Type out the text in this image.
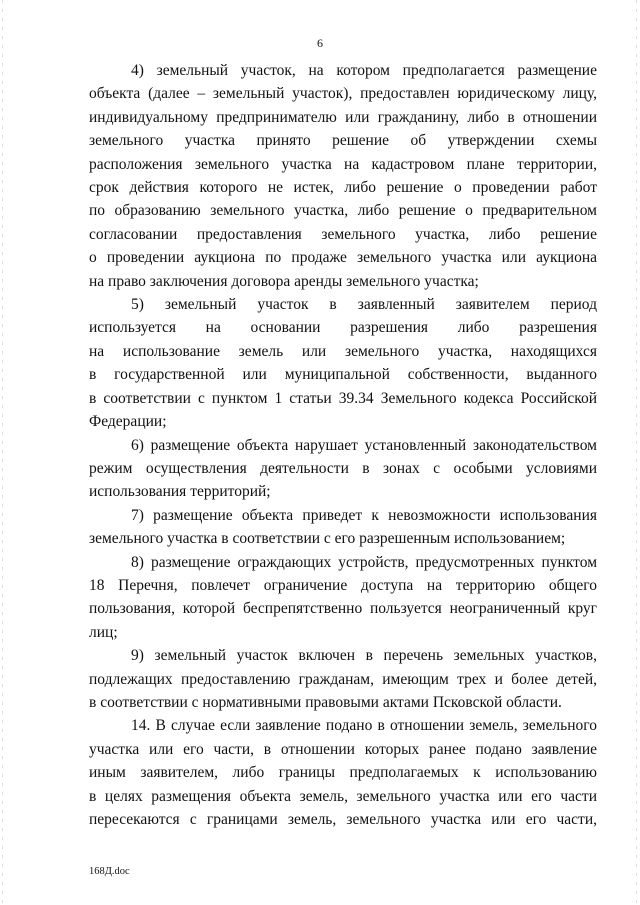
6
4) земельный участок, на котором предполагается размещение
объекта (далее – земельный участок), предоставлен юридическому лицу,
индивидуальному предпринимателю или гражданину, либо в отношении
земельного участка принято решение об утверждении схемы
расположения земельного участка на кадастровом плане территории,
срок действия которого не истек, либо решение о проведении работ
по образованию земельного участка, либо решение о предварительном
согласовании предоставления земельного участка, либо решение
о проведении аукциона по продаже земельного участка или аукциона
на право заключения договора аренды земельного участка;
5) земельный участок в заявленный заявителем период
используется на основании разрешения либо разрешения
на использование земель или земельного участка, находящихся
в государственной или муниципальной собственности, выданного
в соответствии с пунктом 1 статьи 39.34 Земельного кодекса Российской
Федерации;
6) размещение объекта нарушает установленный законодательством
режим осуществления деятельности в зонах с особыми условиями
использования территорий;
7) размещение объекта приведет к невозможности использования
земельного участка в соответствии с его разрешенным использованием;
8) размещение ограждающих устройств, предусмотренных пунктом
18 Перечня, повлечет ограничение доступа на территорию общего
пользования, которой беспрепятственно пользуется неограниченный круг
лиц;
9) земельный участок включен в перечень земельных участков,
подлежащих предоставлению гражданам, имеющим трех и более детей,
в соответствии с нормативными правовыми актами Псковской области.
14. В случае если заявление подано в отношении земель, земельного
участка или его части, в отношении которых ранее подано заявление
иным заявителем, либо границы предполагаемых к использованию
в целях размещения объекта земель, земельного участка или его части
пересекаются с границами земель, земельного участка или его части,
168Д.doc
